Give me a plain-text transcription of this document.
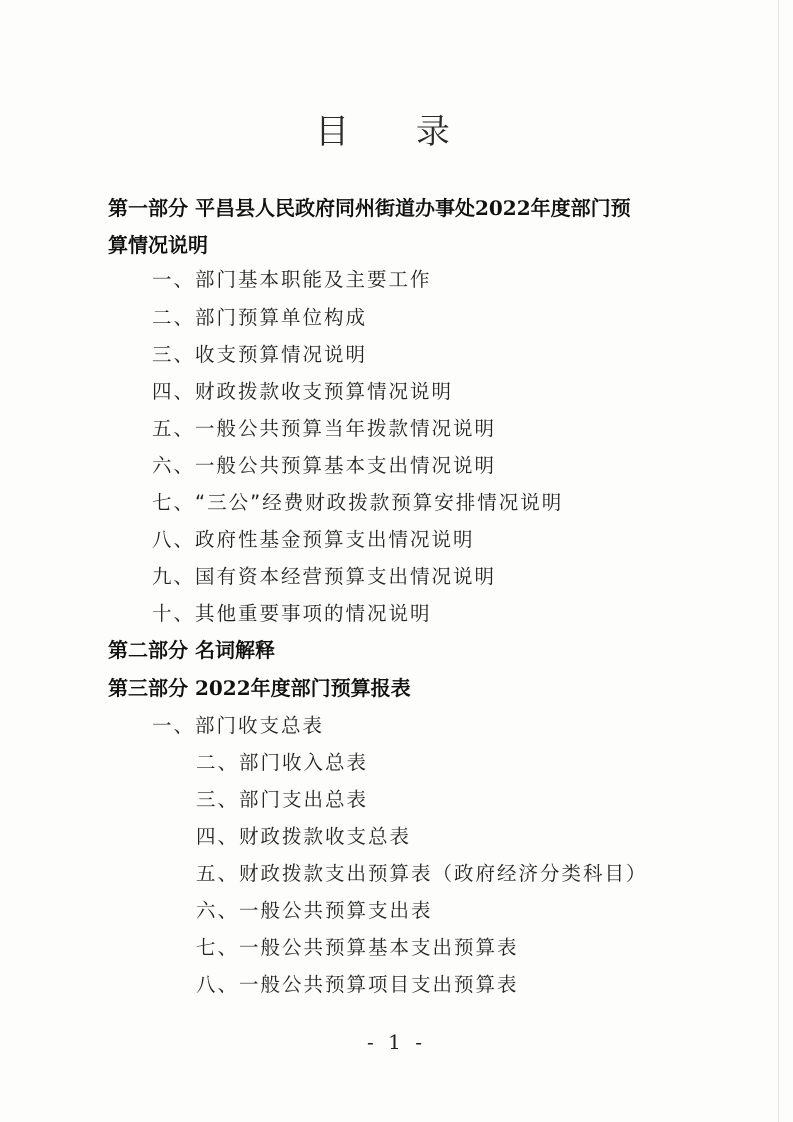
目 录
第一部分 平昌县人民政府同州街道办事处2022年度部门预
算情况说明
一、部门基本职能及主要工作
二、部门预算单位构成
三、收支预算情况说明
四、财政拨款收支预算情况说明
五、一般公共预算当年拨款情况说明
六、一般公共预算基本支出情况说明
七、“三公”经费财政拨款预算安排情况说明
八、政府性基金预算支出情况说明
九、国有资本经营预算支出情况说明
十、其他重要事项的情况说明
第二部分 名词解释
第三部分 2022年度部门预算报表
一、部门收支总表
二、部门收入总表
三、部门支出总表
四、财政拨款收支总表
五、财政拨款支出预算表（政府经济分类科目）
六、一般公共预算支出表
七、一般公共预算基本支出预算表
八、一般公共预算项目支出预算表
- 1 -
